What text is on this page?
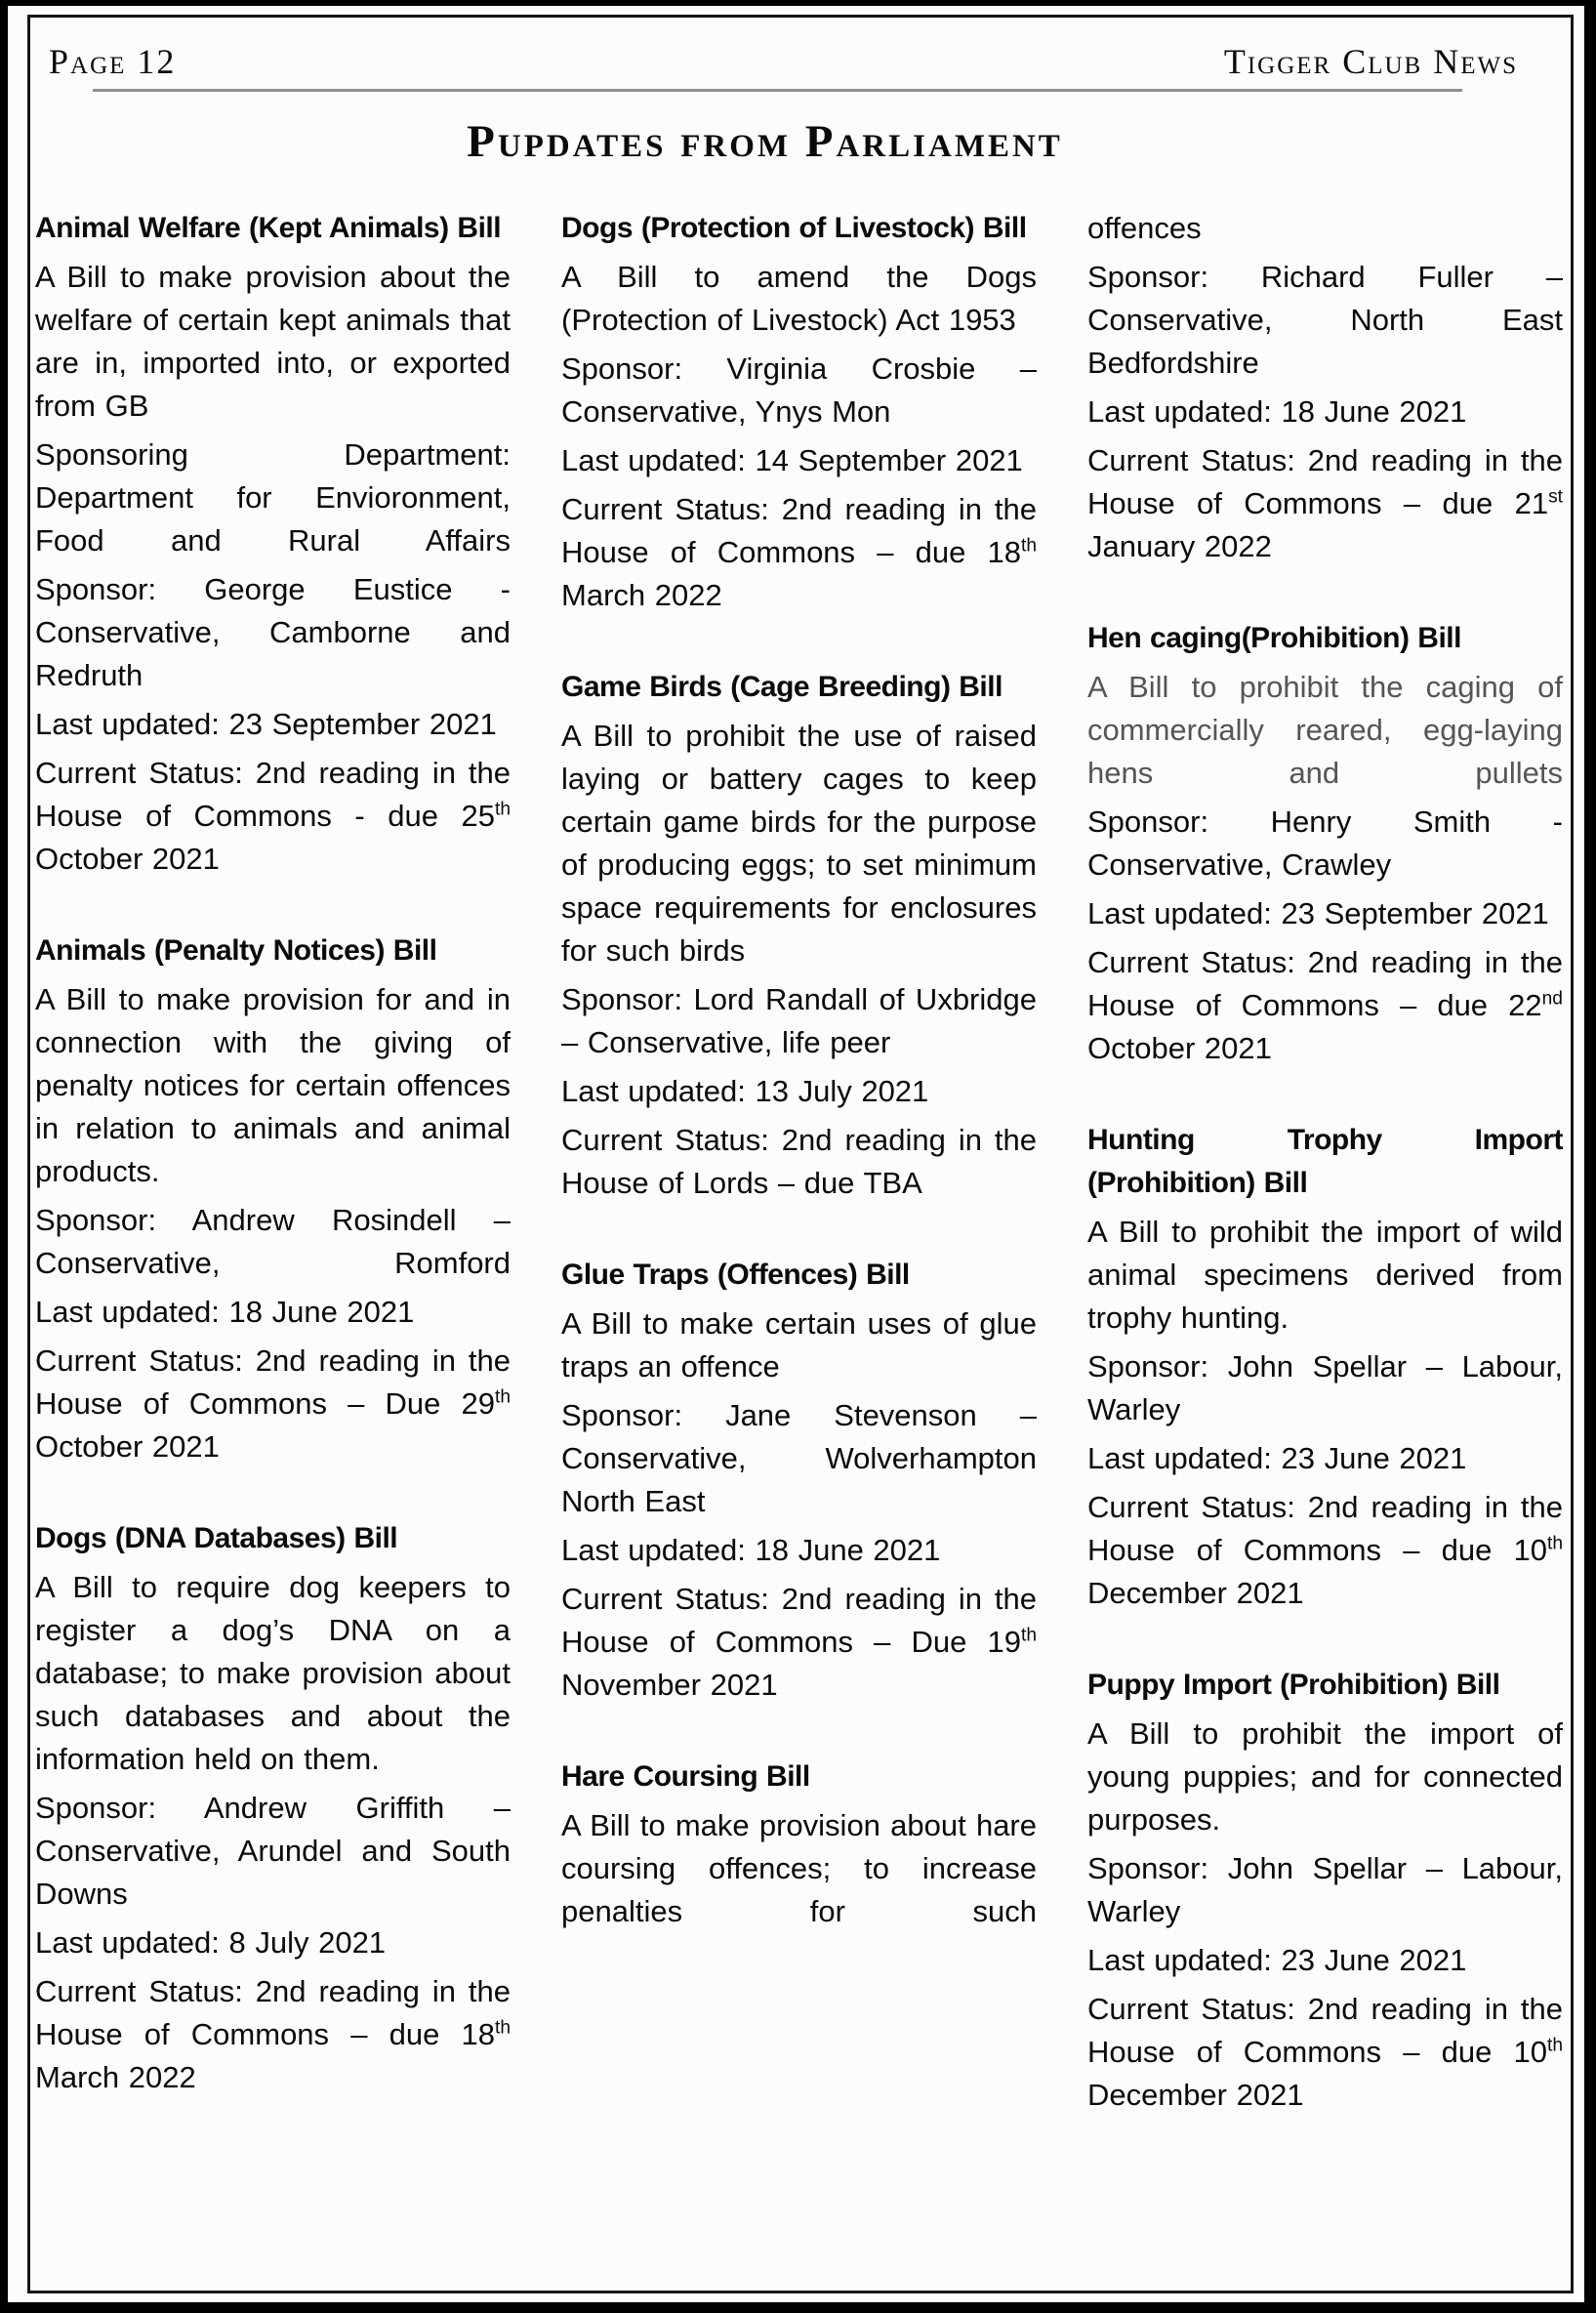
Page 12	Tigger Club News
Pupdates from Parliament
Animal Welfare (Kept Animals) Bill
A Bill to make provision about the welfare of certain kept animals that are in, imported into, or exported from GB
Sponsoring Department: Department for Envioronment, Food and Rural Affairs
Sponsor: George Eustice - Conservative, Camborne and Redruth
Last updated: 23 September 2021
Current Status: 2nd reading in the House of Commons - due 25th October 2021
Animals (Penalty Notices) Bill
A Bill to make provision for and in connection with the giving of penalty notices for certain offences in relation to animals and animal products.
Sponsor: Andrew Rosindell – Conservative, Romford
Last updated: 18 June 2021
Current Status: 2nd reading in the House of Commons – Due 29th October 2021
Dogs (DNA Databases) Bill
A Bill to require dog keepers to register a dog’s DNA on a database; to make provision about such databases and about the information held on them.
Sponsor: Andrew Griffith – Conservative, Arundel and South Downs
Last updated: 8 July 2021
Current Status: 2nd reading in the House of Commons – due 18th March 2022
Dogs (Protection of Livestock) Bill
A Bill to amend the Dogs (Protection of Livestock) Act 1953
Sponsor: Virginia Crosbie – Conservative, Ynys Mon
Last updated: 14 September 2021
Current Status: 2nd reading in the House of Commons – due 18th March 2022
Game Birds (Cage Breeding) Bill
A Bill to prohibit the use of raised laying or battery cages to keep certain game birds for the purpose of producing eggs; to set minimum space requirements for enclosures for such birds
Sponsor: Lord Randall of Uxbridge – Conservative, life peer
Last updated: 13 July 2021
Current Status: 2nd reading in the House of Lords – due TBA
Glue Traps (Offences) Bill
A Bill to make certain uses of glue traps an offence
Sponsor: Jane Stevenson – Conservative, Wolverhampton North East
Last updated: 18 June 2021
Current Status: 2nd reading in the House of Commons – Due 19th November 2021
Hare Coursing Bill
A Bill to make provision about hare coursing offences; to increase penalties for such
offences
Sponsor: Richard Fuller – Conservative, North East Bedfordshire
Last updated: 18 June 2021
Current Status: 2nd reading in the House of Commons – due 21st January 2022
Hen caging(Prohibition) Bill
A Bill to prohibit the caging of commercially reared, egg-laying hens and pullets
Sponsor: Henry Smith - Conservative, Crawley
Last updated: 23 September 2021
Current Status: 2nd reading in the House of Commons – due 22nd October 2021
Hunting Trophy Import (Prohibition) Bill
A Bill to prohibit the import of wild animal specimens derived from trophy hunting.
Sponsor: John Spellar – Labour, Warley
Last updated: 23 June 2021
Current Status: 2nd reading in the House of Commons – due 10th December 2021
Puppy Import (Prohibition) Bill
A Bill to prohibit the import of young puppies; and for connected purposes.
Sponsor: John Spellar – Labour, Warley
Last updated: 23 June 2021
Current Status: 2nd reading in the House of Commons – due 10th December 2021
